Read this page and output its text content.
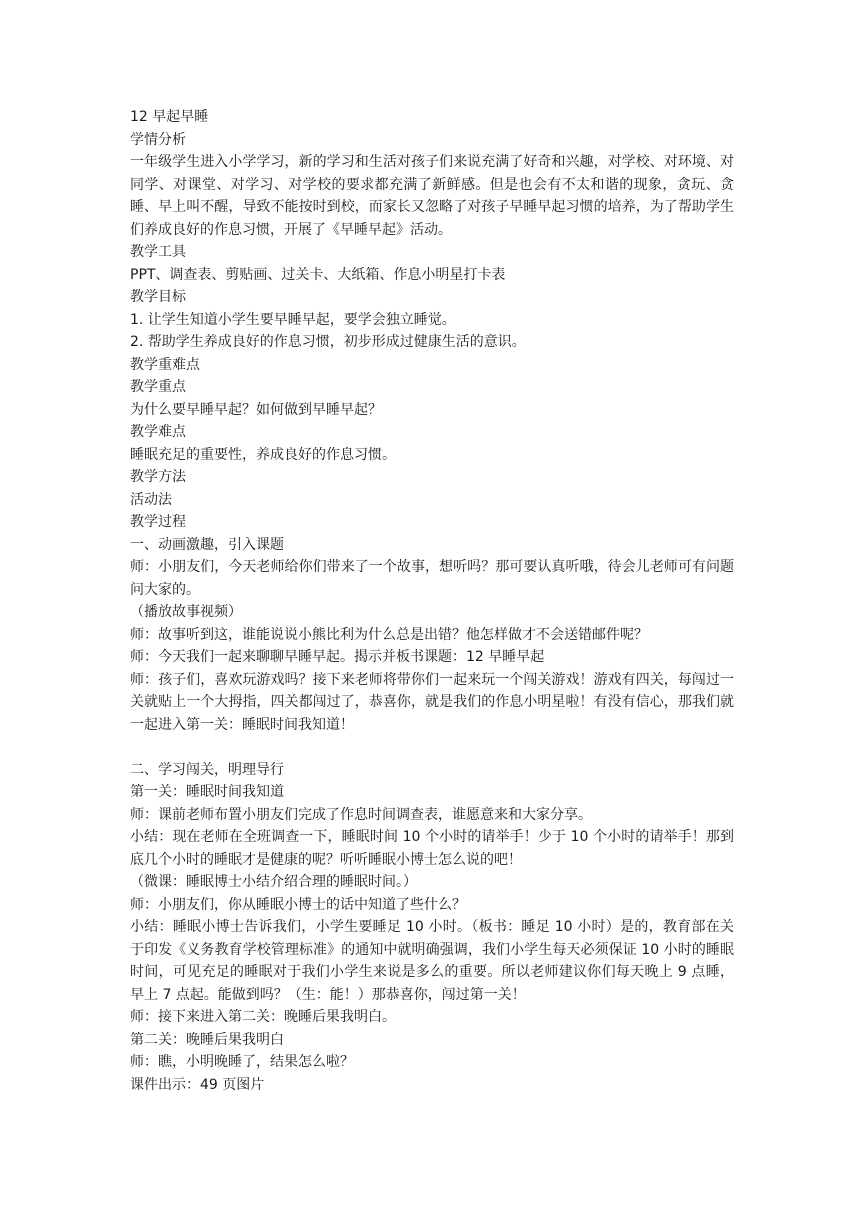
12 早起早睡
学情分析
一年级学生进入小学学习，新的学习和生活对孩子们来说充满了好奇和兴趣，对学校、对环境、对同学、对课堂、对学习、对学校的要求都充满了新鲜感。但是也会有不太和谐的现象，贪玩、贪睡、早上叫不醒，导致不能按时到校，而家长又忽略了对孩子早睡早起习惯的培养，为了帮助学生们养成良好的作息习惯，开展了《早睡早起》活动。
教学工具
PPT、调查表、剪贴画、过关卡、大纸箱、作息小明星打卡表
教学目标
1. 让学生知道小学生要早睡早起，要学会独立睡觉。
2. 帮助学生养成良好的作息习惯，初步形成过健康生活的意识。
教学重难点
教学重点
为什么要早睡早起？如何做到早睡早起？
教学难点
睡眠充足的重要性，养成良好的作息习惯。
教学方法
活动法
教学过程
一、动画激趣，引入课题
师：小朋友们，今天老师给你们带来了一个故事，想听吗？那可要认真听哦，待会儿老师可有问题问大家的。
（播放故事视频）
师：故事听到这，谁能说说小熊比利为什么总是出错？他怎样做才不会送错邮件呢？
师：今天我们一起来聊聊早睡早起。揭示并板书课题：12 早睡早起
师：孩子们，喜欢玩游戏吗？接下来老师将带你们一起来玩一个闯关游戏！游戏有四关，每闯过一关就贴上一个大拇指，四关都闯过了，恭喜你，就是我们的作息小明星啦！有没有信心，那我们就一起进入第一关：睡眠时间我知道！
二、学习闯关，明理导行
第一关：睡眠时间我知道
师：课前老师布置小朋友们完成了作息时间调查表，谁愿意来和大家分享。
小结：现在老师在全班调查一下，睡眠时间 10 个小时的请举手！少于 10 个小时的请举手！那到底几个小时的睡眠才是健康的呢？听听睡眠小博士怎么说的吧！
（微课：睡眠博士小结介绍合理的睡眠时间。）
师：小朋友们，你从睡眠小博士的话中知道了些什么？
小结：睡眠小博士告诉我们，小学生要睡足 10 小时。（板书：睡足 10 小时）是的，教育部在关于印发《义务教育学校管理标准》的通知中就明确强调，我们小学生每天必须保证 10 小时的睡眠时间，可见充足的睡眠对于我们小学生来说是多么的重要。所以老师建议你们每天晚上 9 点睡，早上 7 点起。能做到吗？（生：能！）那恭喜你，闯过第一关！
师：接下来进入第二关：晚睡后果我明白。
第二关：晚睡后果我明白
师：瞧，小明晚睡了，结果怎么啦？
课件出示：49 页图片
